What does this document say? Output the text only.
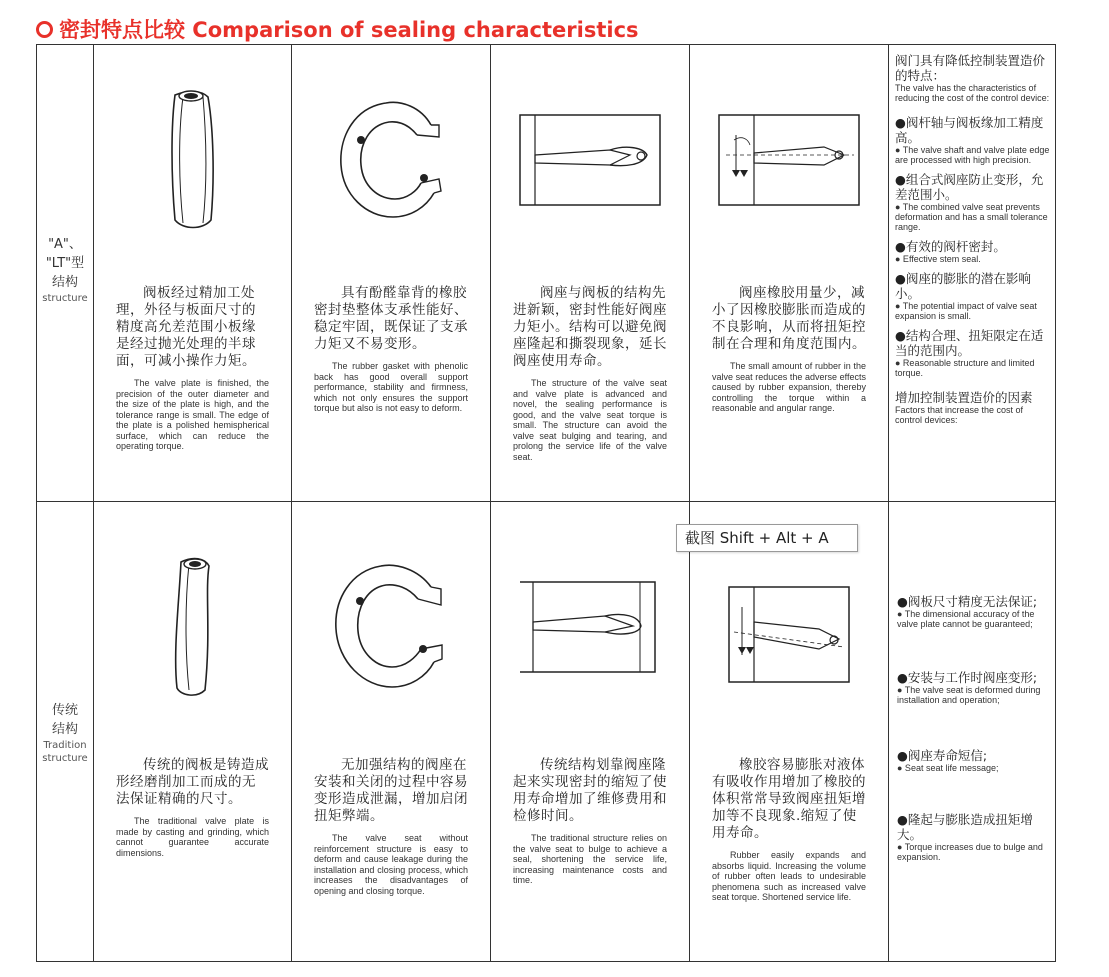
密封特点比较 Comparison of sealing characteristics
"A"、
"LT"型
结构
structure	阀板经过精加工处理，外径与板面尺寸的精度高允差范围小板缘是经过抛光处理的半球面，可减小操作力矩。
The valve plate is finished, the precision of the outer diameter and the size of the plate is high, and the tolerance range is small. The edge of the plate is a polished hemispherical surface, which can reduce the operating torque.
具有酚醛靠背的橡胶密封垫整体支承性能好、稳定牢固，既保证了支承力矩又不易变形。
The rubber gasket with phenolic back has good overall support performance, stability and firmness, which not only ensures the support torque but also is not easy to deform.
阀座与阀板的结构先进新颖，密封性能好阀座力矩小。结构可以避免阀座隆起和撕裂现象，延长阀座使用寿命。
The structure of the valve seat and valve plate is advanced and novel, the sealing performance is good, and the valve seat torque is small. The structure can avoid the valve seat bulging and tearing, and prolong the service life of the valve seat.
阀座橡胶用量少，减小了因橡胶膨胀而造成的不良影响，从而将扭矩控制在合理和角度范围内。
The small amount of rubber in the valve seat reduces the adverse effects caused by rubber expansion, thereby controlling the torque within a reasonable and angular range.
阀门具有降低控制装置造价的特点：
The valve has the characteristics of reducing the cost of the control device:
●阀杆轴与阀板缘加工精度高。
● The valve shaft and valve plate edge are processed with high precision.
●组合式阀座防止变形，允差范围小。
● The combined valve seat prevents deformation and has a small tolerance range.
●有效的阀杆密封。
● Effective stem seal.
●阀座的膨胀的潜在影响小。
● The potential impact of valve seat expansion is small.
●结构合理、扭矩限定在适当的范围内。
● Reasonable structure and limited torque.
增加控制装置造价的因素
Factors that increase the cost of control devices:
传统
结构
Tradition
structure	传统的阀板是铸造成形经磨削加工而成的无法保证精确的尺寸。
The traditional valve plate is made by casting and grinding, which cannot guarantee accurate dimensions.
无加强结构的阀座在安装和关闭的过程中容易变形造成泄漏，增加启闭扭矩弊端。
The valve seat without reinforcement structure is easy to deform and cause leakage during the installation and closing process, which increases the disadvantages of opening and closing torque.
传统结构划靠阀座隆起来实现密封的缩短了使用寿命增加了维修费用和检修时间。
The traditional structure relies on the valve seat to bulge to achieve a seal, shortening the service life, increasing maintenance costs and time.
橡胶容易膨胀对液体有吸收作用增加了橡胶的体积常常导致阀座扭矩增加等不良现象.缩短了使用寿命。
Rubber easily expands and absorbs liquid. Increasing the volume of rubber often leads to undesirable phenomena such as increased valve seat torque. Shortened service life.
●阀板尺寸精度无法保证;
● The dimensional accuracy of the valve plate cannot be guaranteed;
●安装与工作时阀座变形;
● The valve seat is deformed during installation and operation;
●阀座寿命短信;
● Seat seat life message;
●隆起与膨胀造成扭矩增大。
● Torque increases due to bulge and expansion.
截图 Shift + Alt + A
